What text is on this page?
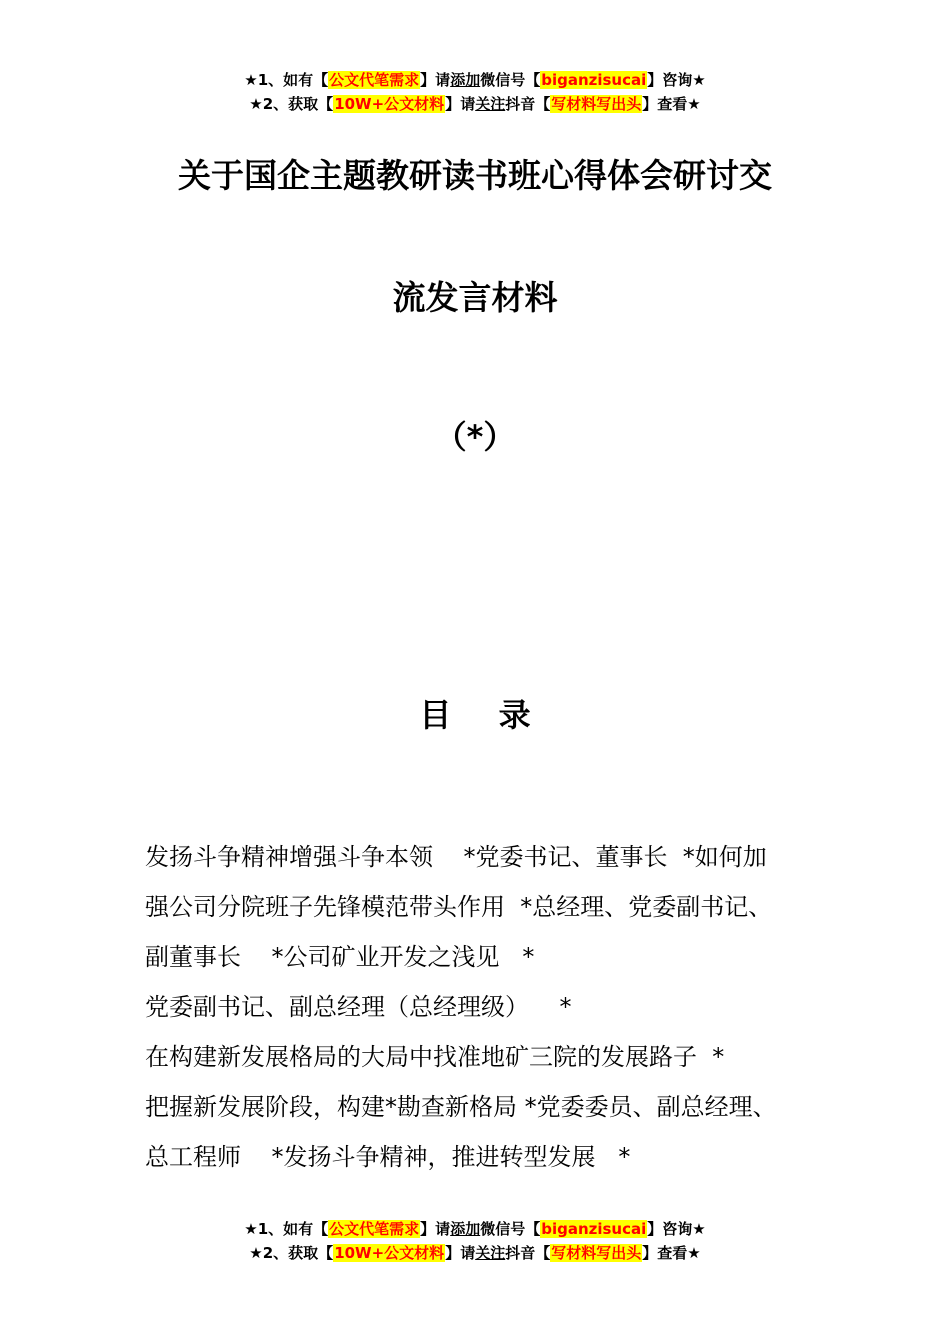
★1、如有【公文代笔需求】请添加微信号【biganzisucai】咨询★
★2、获取【10W+公文材料】请关注抖音【写材料写出头】查看★
关于国企主题教研读书班心得体会研讨交
流发言材料
（*）
目 录
发扬斗争精神增强斗争本领    *党委书记、董事长  *如何加
强公司分院班子先锋模范带头作用  *总经理、党委副书记、
副董事长    *公司矿业开发之浅见   *
党委副书记、副总经理（总经理级）    *
在构建新发展格局的大局中找准地矿三院的发展路子  *
把握新发展阶段，构建*勘查新格局 *党委委员、副总经理、
总工程师    *发扬斗争精神，推进转型发展   *
★1、如有【公文代笔需求】请添加微信号【biganzisucai】咨询★
★2、获取【10W+公文材料】请关注抖音【写材料写出头】查看★
